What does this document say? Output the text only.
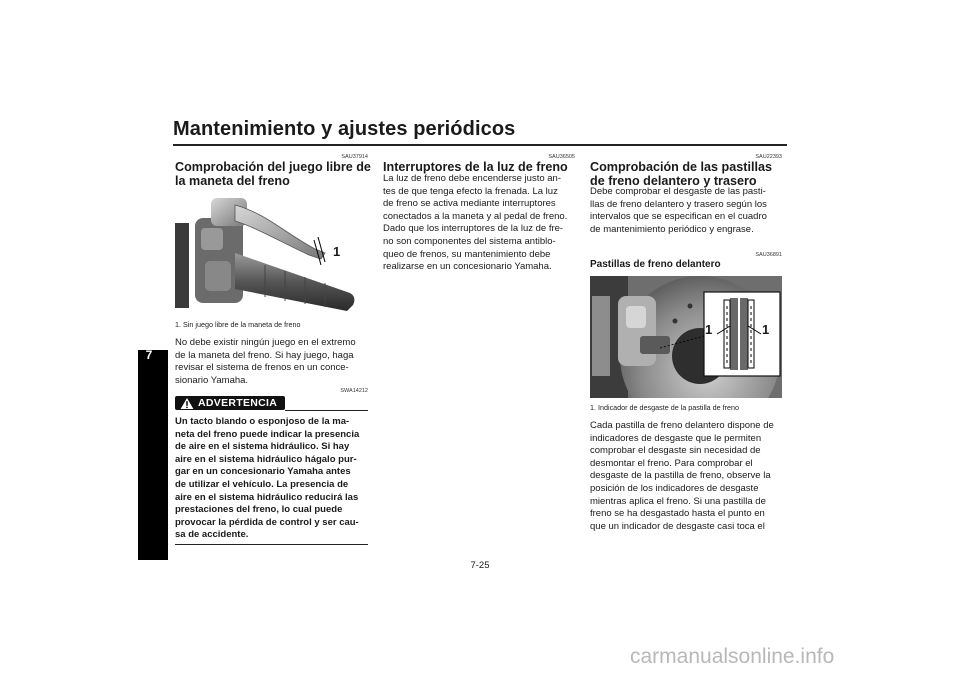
Mantenimiento y ajustes periódicos
7
SAU37914
Comprobación del juego libre de
la maneta del freno
1
1. Sin juego libre de la maneta de freno
No debe existir ningún juego en el extremo
de la maneta del freno. Si hay juego, haga
revisar el sistema de frenos en un conce-
sionario Yamaha.
SWA14212
ADVERTENCIA
Un tacto blando o esponjoso de la ma-
neta del freno puede indicar la presencia
de aire en el sistema hidráulico. Si hay
aire en el sistema hidráulico hágalo pur-
gar en un concesionario Yamaha antes
de utilizar el vehículo. La presencia de
aire en el sistema hidráulico reducirá las
prestaciones del freno, lo cual puede
provocar la pérdida de control y ser cau-
sa de accidente.
SAU36505
Interruptores de la luz de freno
La luz de freno debe encenderse justo an-
tes de que tenga efecto la frenada. La luz
de freno se activa mediante interruptores
conectados a la maneta y al pedal de freno.
Dado que los interruptores de la luz de fre-
no son componentes del sistema antiblo-
queo de frenos, su mantenimiento debe
realizarse en un concesionario Yamaha.
SAU22393
Comprobación de las pastillas
de freno delantero y trasero
Debe comprobar el desgaste de las pasti-
llas de freno delantero y trasero según los
intervalos que se especifican en el cuadro
de mantenimiento periódico y engrase.
SAU36891
Pastillas de freno delantero
1	1
1. Indicador de desgaste de la pastilla de freno
Cada pastilla de freno delantero dispone de
indicadores de desgaste que le permiten
comprobar el desgaste sin necesidad de
desmontar el freno. Para comprobar el
desgaste de la pastilla de freno, observe la
posición de los indicadores de desgaste
mientras aplica el freno. Si una pastilla de
freno se ha desgastado hasta el punto en
que un indicador de desgaste casi toca el
7-25
carmanualsonline.info
